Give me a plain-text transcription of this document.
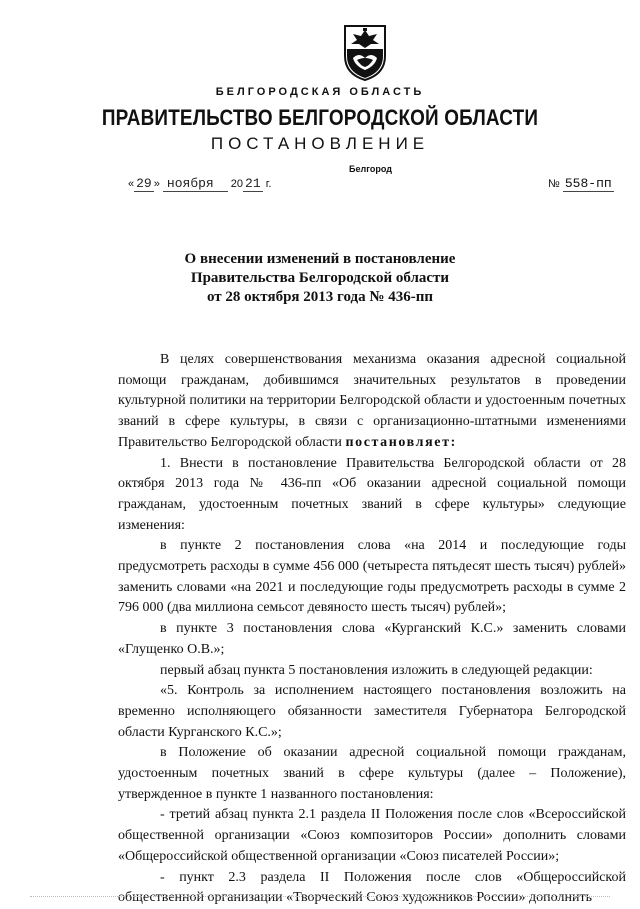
БЕЛГОРОДСКАЯ ОБЛАСТЬ
ПРАВИТЕЛЬСТВО БЕЛГОРОДСКОЙ ОБЛАСТИ
ПОСТАНОВЛЕНИЕ
Белгород
« 29 » ноября 20 21 г.	№ 558-пп
О внесении изменений в постановление
Правительства Белгородской области
от 28 октября 2013 года № 436-пп

В целях совершенствования механизма оказания адресной социальной помощи гражданам, добившимся значительных результатов в проведении культурной политики на территории Белгородской области и удостоенным почетных званий в сфере культуры, в связи с организационно-штатными изменениями Правительство Белгородской области постановляет:

1. Внести в постановление Правительства Белгородской области от 28 октября 2013 года № 436-пп «Об оказании адресной социальной помощи гражданам, удостоенным почетных званий в сфере культуры» следующие изменения:

в пункте 2 постановления слова «на 2014 и последующие годы предусмотреть расходы в сумме 456 000 (четыреста пятьдесят шесть тысяч) рублей» заменить словами «на 2021 и последующие годы предусмотреть расходы в сумме 2 796 000 (два миллиона семьсот девяносто шесть тысяч) рублей»;

в пункте 3 постановления слова «Курганский К.С.» заменить словами «Глущенко О.В.»;

первый абзац пункта 5 постановления изложить в следующей редакции:

«5. Контроль за исполнением настоящего постановления возложить на временно исполняющего обязанности заместителя Губернатора Белгородской области Курганского К.С.»;

в Положение об оказании адресной социальной помощи гражданам, удостоенным почетных званий в сфере культуры (далее – Положение), утвержденное в пункте 1 названного постановления:

- третий абзац пункта 2.1 раздела II Положения после слов «Всероссийской общественной организации «Союз композиторов России» дополнить словами «Общероссийской общественной организации «Союз писателей России»;

- пункт 2.3 раздела II Положения после слов «Общероссийской общественной организации «Творческий Союз художников России» дополнить
